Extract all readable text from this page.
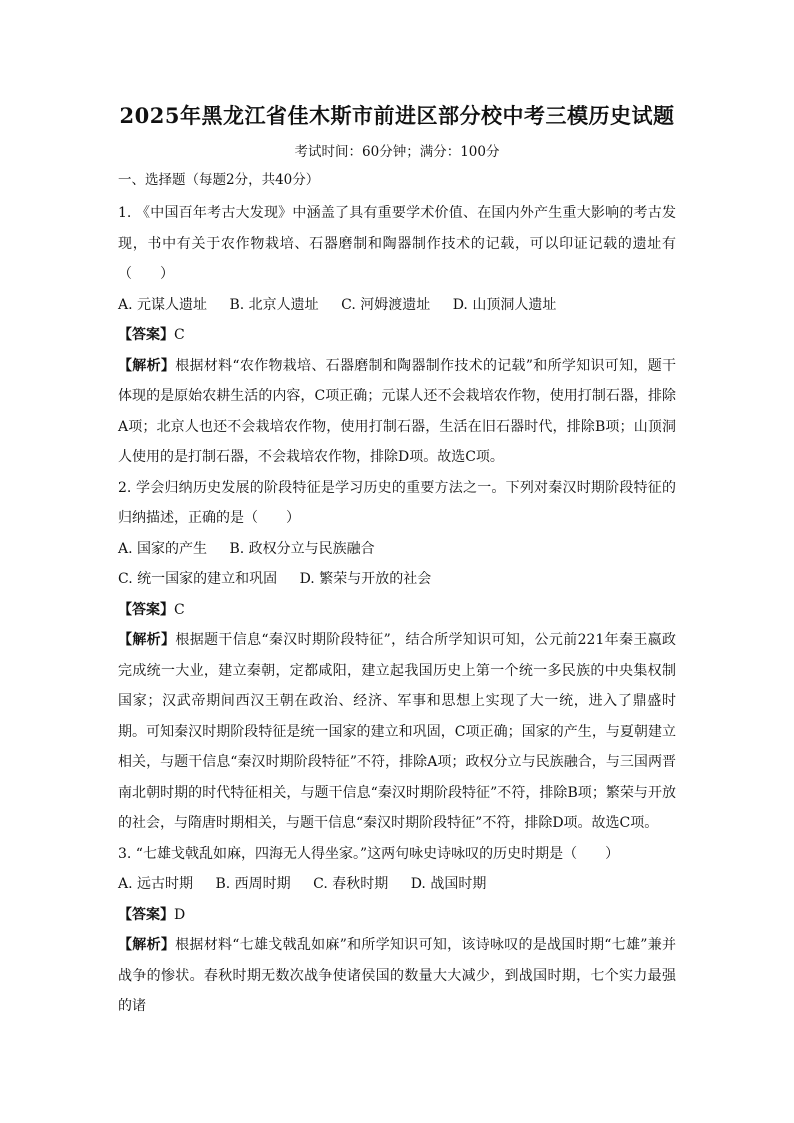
2025年黑龙江省佳木斯市前进区部分校中考三模历史试题
考试时间：60分钟；满分：100分
一、选择题（每题2分，共40分）

1. 《中国百年考古大发现》中涵盖了具有重要学术价值、在国内外产生重大影响的考古发现，书中有关于农作物栽培、石器磨制和陶器制作技术的记载，可以印证记载的遗址有（　　）

A. 元谋人遗址 B. 北京人遗址 C. 河姆渡遗址 D. 山顶洞人遗址

【答案】C

【解析】根据材料“农作物栽培、石器磨制和陶器制作技术的记载”和所学知识可知，题干体现的是原始农耕生活的内容，C项正确；元谋人还不会栽培农作物，使用打制石器，排除A项；北京人也还不会栽培农作物，使用打制石器，生活在旧石器时代，排除B项；山顶洞人使用的是打制石器，不会栽培农作物，排除D项。故选C项。

2. 学会归纳历史发展的阶段特征是学习历史的重要方法之一。下列对秦汉时期阶段特征的归纳描述，正确的是（　　）

A. 国家的产生 B. 政权分立与民族融合

C. 统一国家的建立和巩固 D. 繁荣与开放的社会

【答案】C

【解析】根据题干信息“秦汉时期阶段特征”，结合所学知识可知，公元前221年秦王嬴政完成统一大业，建立秦朝，定都咸阳，建立起我国历史上第一个统一多民族的中央集权制国家；汉武帝期间西汉王朝在政治、经济、军事和思想上实现了大一统，进入了鼎盛时期。可知秦汉时期阶段特征是统一国家的建立和巩固，C项正确；国家的产生，与夏朝建立相关，与题干信息“秦汉时期阶段特征”不符，排除A项；政权分立与民族融合，与三国两晋南北朝时期的时代特征相关，与题干信息“秦汉时期阶段特征”不符，排除B项；繁荣与开放的社会，与隋唐时期相关，与题干信息“秦汉时期阶段特征”不符，排除D项。故选C项。

3. “七雄戈戟乱如麻，四海无人得坐家。”这两句咏史诗咏叹的历史时期是（　　）

A. 远古时期 B. 西周时期 C. 春秋时期 D. 战国时期

【答案】D

【解析】根据材料“七雄戈戟乱如麻”和所学知识可知，该诗咏叹的是战国时期“七雄”兼并战争的惨状。春秋时期无数次战争使诸侯国的数量大大减少，到战国时期，七个实力最强的诸
